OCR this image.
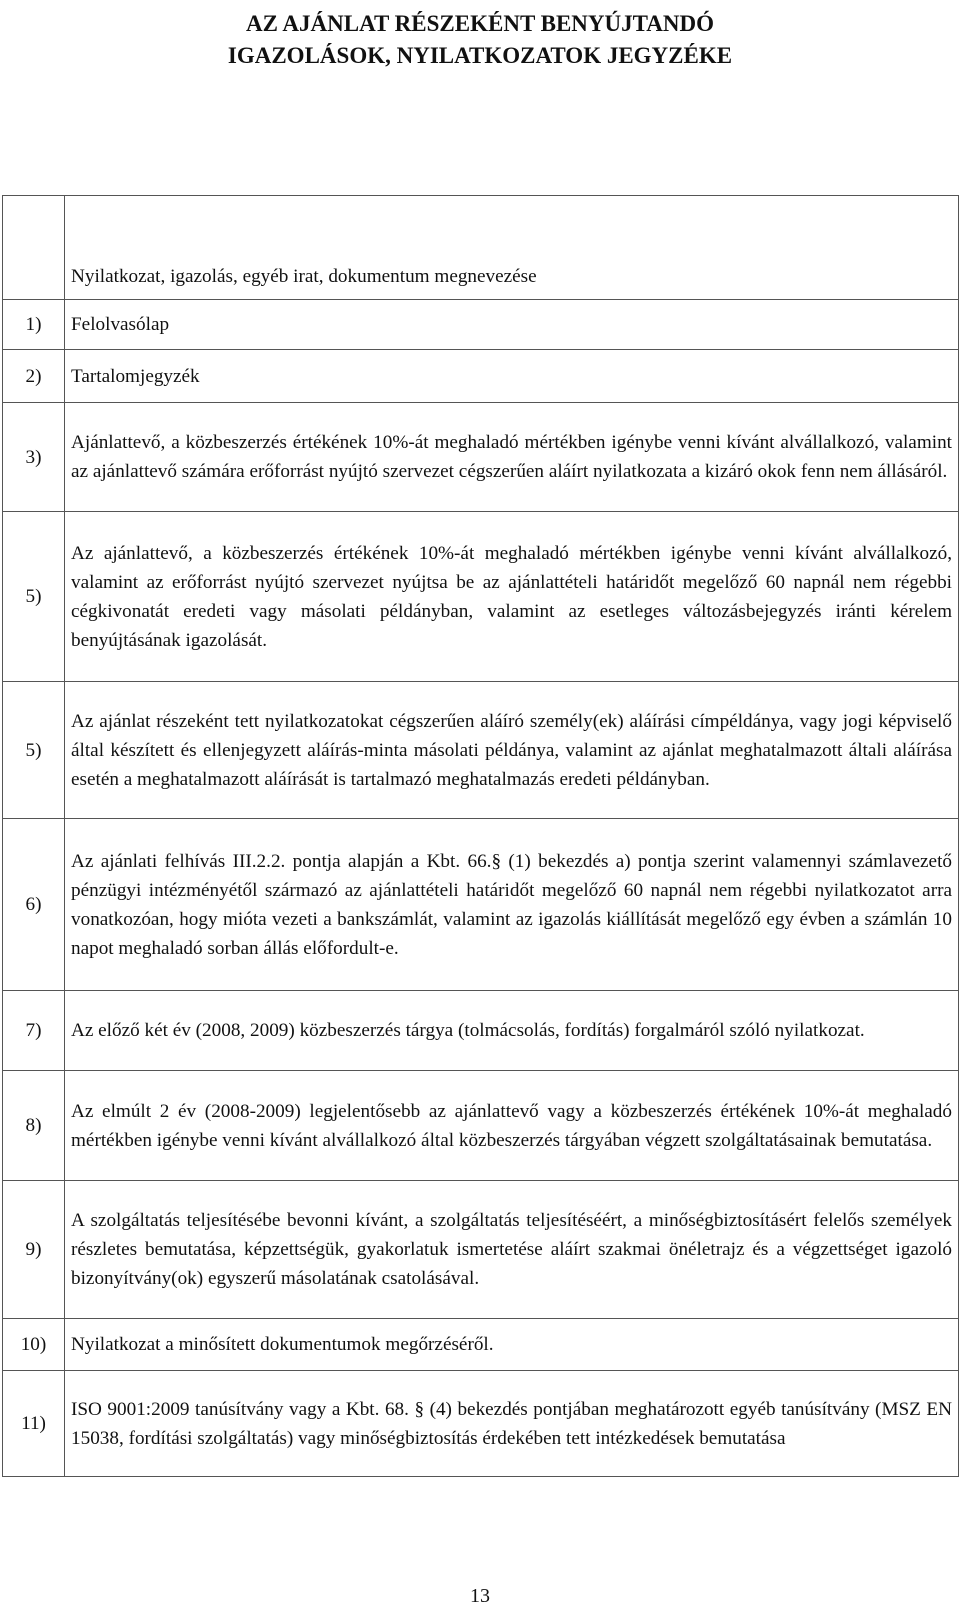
AZ AJÁNLAT RÉSZEKÉNT BENYÚJTANDÓ
IGAZOLÁSOK, NYILATKOZATOK JEGYZÉKE

	Nyilatkozat, igazolás, egyéb irat, dokumentum megnevezése

1)	Felolvasólap

2)	Tartalomjegyzék

3)	Ajánlattevő, a közbeszerzés értékének 10%-át meghaladó mértékben igénybe venni kívánt alvállalkozó, valamint az ajánlattevő számára erőforrást nyújtó szervezet cégszerűen aláírt nyilatkozata a kizáró okok fenn nem állásáról.

5)	Az ajánlattevő, a közbeszerzés értékének 10%-át meghaladó mértékben igénybe venni kívánt alvállalkozó, valamint az erőforrást nyújtó szervezet nyújtsa be az ajánlattételi határidőt megelőző 60 napnál nem régebbi cégkivonatát eredeti vagy másolati példányban, valamint az esetleges változásbejegyzés iránti kérelem benyújtásának igazolását.

5)	Az ajánlat részeként tett nyilatkozatokat cégszerűen aláíró személy(ek) aláírási címpéldánya, vagy jogi képviselő által készített és ellenjegyzett aláírás-minta másolati példánya, valamint az ajánlat meghatalmazott általi aláírása esetén a meghatalmazott aláírását is tartalmazó meghatalmazás eredeti példányban.

6)	Az ajánlati felhívás III.2.2. pontja alapján a Kbt. 66.§ (1) bekezdés a) pontja szerint valamennyi számlavezető pénzügyi intézményétől származó az ajánlattételi határidőt megelőző 60 napnál nem régebbi nyilatkozatot arra vonatkozóan, hogy mióta vezeti a bankszámlát, valamint az igazolás kiállítását megelőző egy évben a számlán 10 napot meghaladó sorban állás előfordult-e.

7)	Az előző két év (2008, 2009) közbeszerzés tárgya (tolmácsolás, fordítás) forgalmáról szóló nyilatkozat.

8)	Az elmúlt 2 év (2008-2009) legjelentősebb az ajánlattevő vagy a közbeszerzés értékének 10%-át meghaladó mértékben igénybe venni kívánt alvállalkozó által közbeszerzés tárgyában végzett szolgáltatásainak bemutatása.

9)	A szolgáltatás teljesítésébe bevonni kívánt, a szolgáltatás teljesítéséért, a minőségbiztosításért felelős személyek részletes bemutatása, képzettségük, gyakorlatuk ismertetése aláírt szakmai önéletrajz és a végzettséget igazoló bizonyítvány(ok) egyszerű másolatának csatolásával.

10)	Nyilatkozat a minősített dokumentumok megőrzéséről.

11)	ISO 9001:2009 tanúsítvány vagy a Kbt. 68. § (4) bekezdés pontjában meghatározott egyéb tanúsítvány (MSZ EN 15038, fordítási szolgáltatás) vagy minőségbiztosítás érdekében tett intézkedések bemutatása

13
